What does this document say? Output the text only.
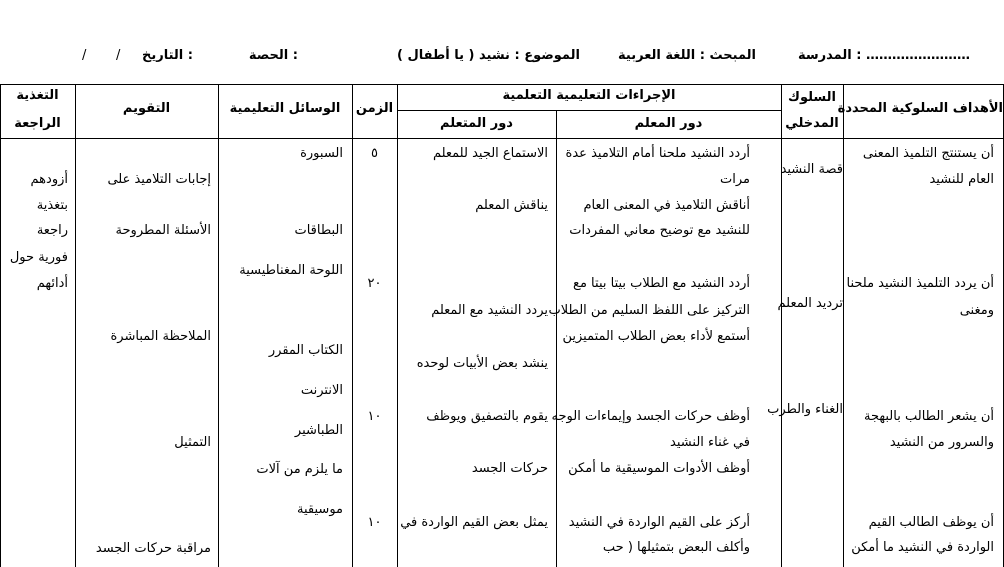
المدرسة : ……………………
المبحث : اللغة العربية
الموضوع : نشيد ( يا أطفال )
الحصة :
التاريخ :
/
/
الأهداف السلوكية المحددة
السلوك
المدخلي
الإجراءات التعليمية التعلمية
دور المعلم
دور المتعلم
الزمن
الوسائل التعليمية
التقويم
التغذية
الراجعة
أن يستنتج التلميذ المعنى
العام للنشيد
أن يردد التلميذ النشيد ملحنا
ومغنى
أن يشعر الطالب بالبهجة
والسرور من النشيد
أن يوظف الطالب القيم
الواردة في النشيد ما أمكن
قصة النشيد
ترديد المعلم
الغناء والطرب
أردد النشيد ملحنا أمام التلاميذ عدة
مرات
أناقش التلاميذ في المعنى العام
للنشيد مع توضيح معاني المفردات
أردد النشيد مع الطلاب بيتا بيتا مع
التركيز على اللفظ السليم من الطلاب
أستمع لأداء بعض الطلاب المتميزين
أوظف حركات الجسد وإيماءات الوجه
في غناء النشيد
أوظف الأدوات الموسيقية ما أمكن
أركز على القيم الواردة في النشيد
وأكلف البعض بتمثيلها ( حب
الاستماع الجيد للمعلم
يناقش المعلم
يردد النشيد مع المعلم
ينشد بعض الأبيات لوحده
يقوم بالتصفيق ويوظف
حركات الجسد
يمثل بعض القيم الواردة في
٥
٢٠
١٠
١٠
السبورة
البطاقات
اللوحة المغناطيسية
الكتاب المقرر
الانترنت
الطباشير
ما يلزم من آلات
موسيقية
إجابات التلاميذ على
الأسئلة المطروحة
الملاحظة المباشرة
التمثيل
مراقبة حركات الجسد
أزودهم
بتغذية
راجعة
فورية حول
أدائهم
